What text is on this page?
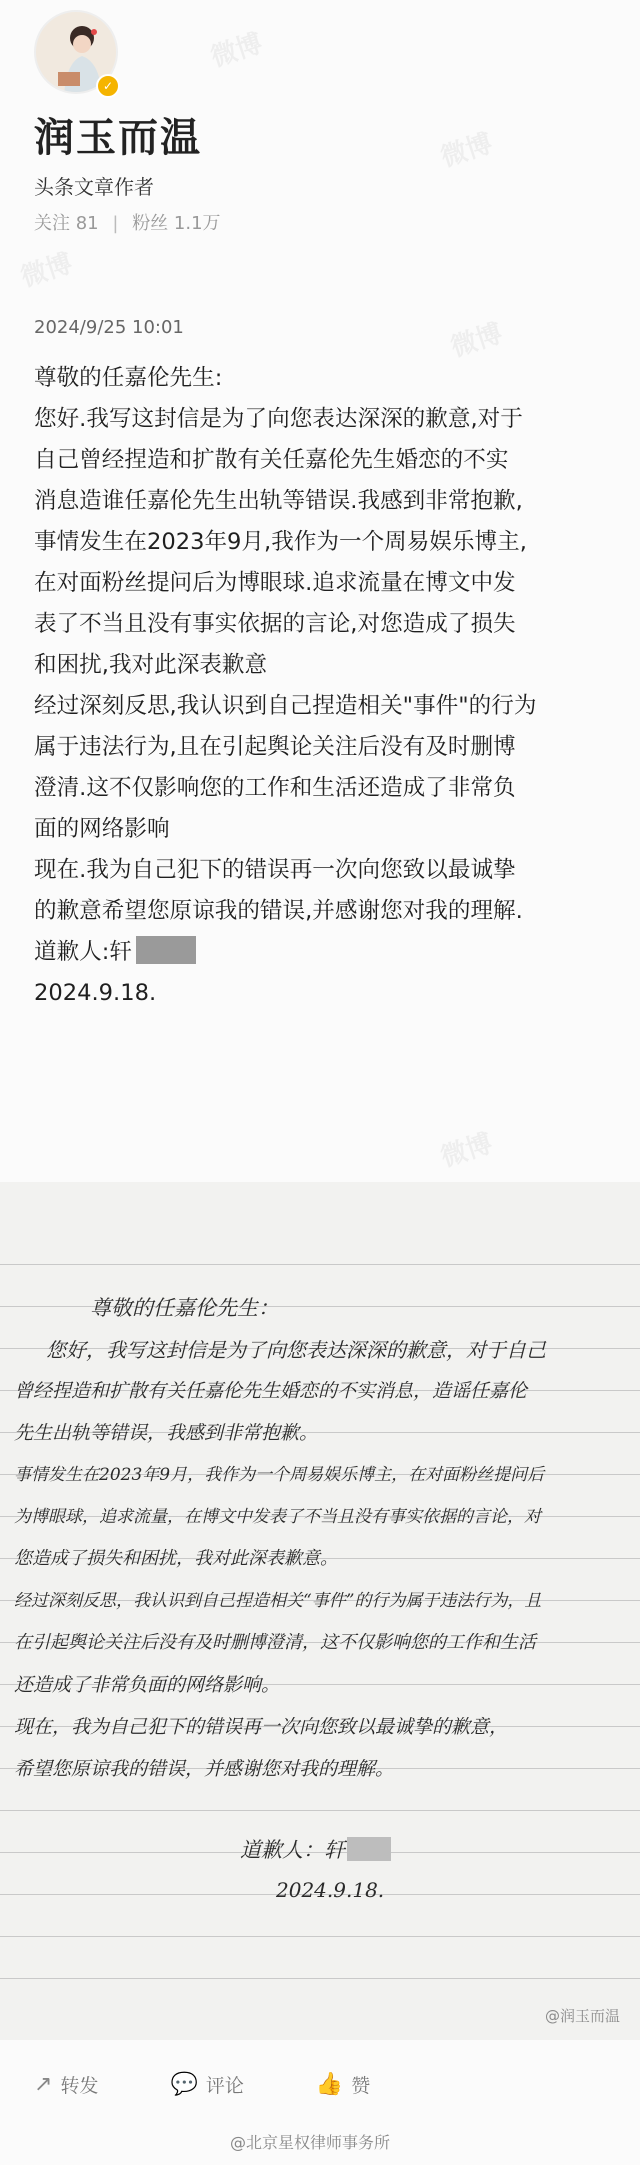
微博
微博
微博
微博
微博
✓
润玉而温
头条文章作者
关注 81 | 粉丝 1.1万
2024/9/25 10:01

尊敬的任嘉伦先生:

您好.我写这封信是为了向您表达深深的歉意,对于

自己曾经捏造和扩散有关任嘉伦先生婚恋的不实

消息造谁任嘉伦先生出轨等错误.我感到非常抱歉,

事情发生在2023年9月,我作为一个周易娱乐博主,

在对面粉丝提问后为博眼球.追求流量在博文中发

表了不当且没有事实依据的言论,对您造成了损失

和困扰,我对此深表歉意

经过深刻反思,我认识到自己捏造相关"事件"的行为

属于违法行为,且在引起舆论关注后没有及时删博

澄清.这不仅影响您的工作和生活还造成了非常负

面的网络影响

现在.我为自己犯下的错误再一次向您致以最诚挚

的歉意希望您原谅我的错误,并感谢您对我的理解.

道歉人:轩

2024.9.18.

尊敬的任嘉伦先生：
您好，我写这封信是为了向您表达深深的歉意，对于自己
曾经捏造和扩散有关任嘉伦先生婚恋的不实消息，造谣任嘉伦
先生出轨等错误，我感到非常抱歉。
事情发生在2023年9月，我作为一个周易娱乐博主，在对面粉丝提问后
为博眼球，追求流量，在博文中发表了不当且没有事实依据的言论，对
您造成了损失和困扰，我对此深表歉意。
经过深刻反思，我认识到自己捏造相关“事件”的行为属于违法行为，且
在引起舆论关注后没有及时删博澄清，这不仅影响您的工作和生活
还造成了非常负面的网络影响。
现在，我为自己犯下的错误再一次向您致以最诚挚的歉意，
希望您原谅我的错误，并感谢您对我的理解。
道歉人：轩
2024.9.18.
@润玉而温
↗ 转发	💬 评论	👍 赞
@北京星权律师事务所
